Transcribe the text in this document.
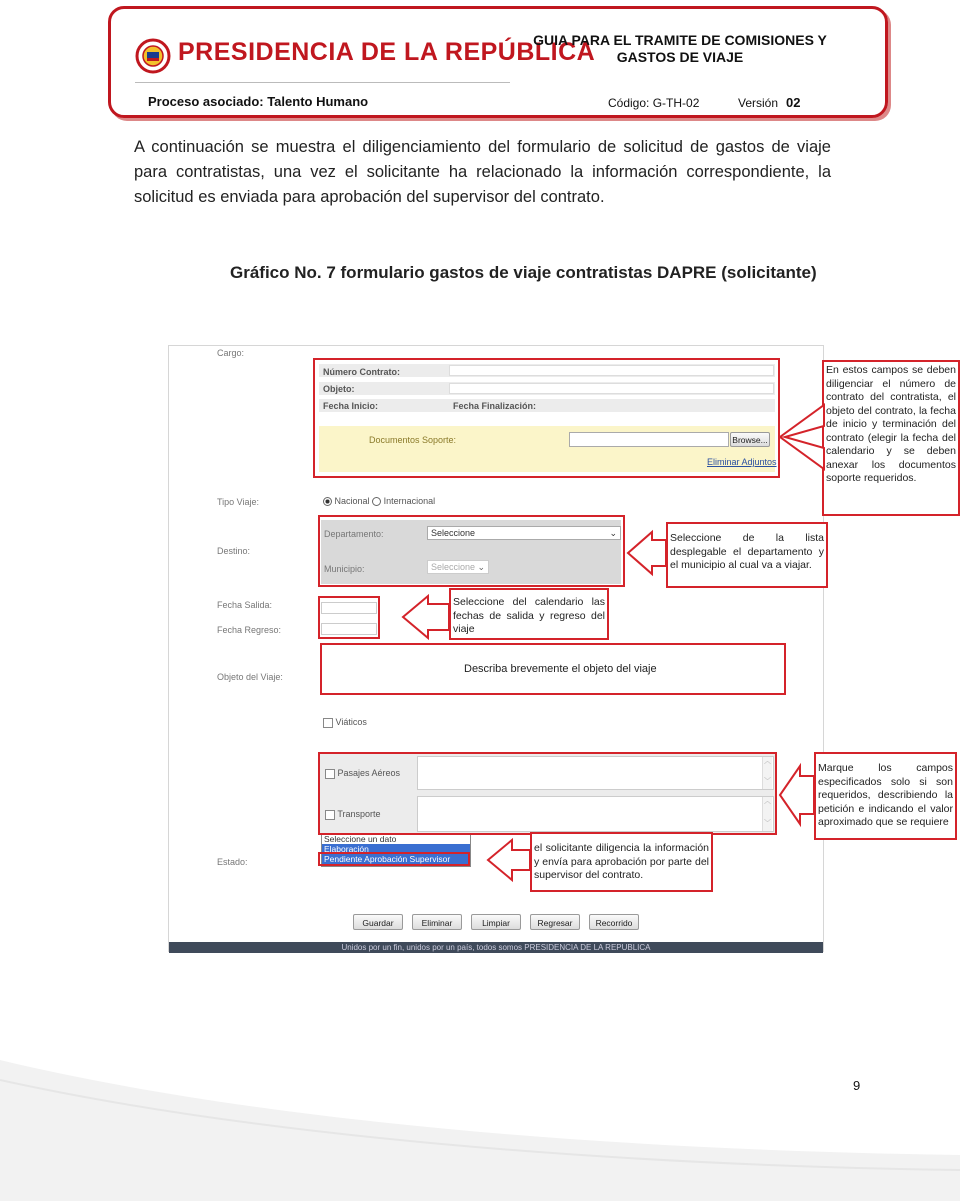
PRESIDENCIA DE LA REPÚBLICA
GUIA PARA EL TRAMITE DE COMISIONES Y GASTOS DE VIAJE
Proceso asociado: Talento Humano	Código: G-TH-02	Versión 02
A continuación se muestra el diligenciamiento del formulario de solicitud de gastos de viaje para contratistas, una vez el solicitante ha relacionado la información correspondiente, la solicitud es enviada para aprobación del supervisor del contrato.
Gráfico No. 7 formulario gastos de viaje contratistas DAPRE (solicitante)
Cargo:
Número Contrato:
Objeto:
Fecha Inicio:	Fecha Finalización:
Documentos Soporte:	Browse...
Eliminar Adjuntos
Tipo Viaje:	Nacional Internacional
Destino:
Departamento:	Seleccione	⌄
Municipio:	Seleccione ⌄
Fecha Salida:
Fecha Regreso:
Objeto del Viaje:
Viáticos
Pasajes Aéreos
︿
﹀
Transporte
︿
﹀
Estado:
Seleccione un dato
Elaboración
Pendiente Aprobación Supervisor
Guardar	Eliminar	Limpiar	Regresar	Recorrido
Unidos por un fin, unidos por un país, todos somos PRESIDENCIA DE LA REPUBLICA
En estos campos se deben diligenciar el número de contrato del contratista, el objeto del contrato, la fecha de inicio y terminación del contrato (elegir la fecha del calendario y se deben anexar los documentos soporte requeridos.
Seleccione de la lista desplegable el departamento y el municipio al cual va a viajar.
Seleccione del calendario las fechas de salida y regreso del viaje
Describa brevemente el objeto del viaje
Marque los campos especificados solo si son requeridos, describiendo la petición e indicando el valor aproximado que se requiere
el solicitante diligencia la información y envía para aprobación por parte del supervisor del contrato.
9
